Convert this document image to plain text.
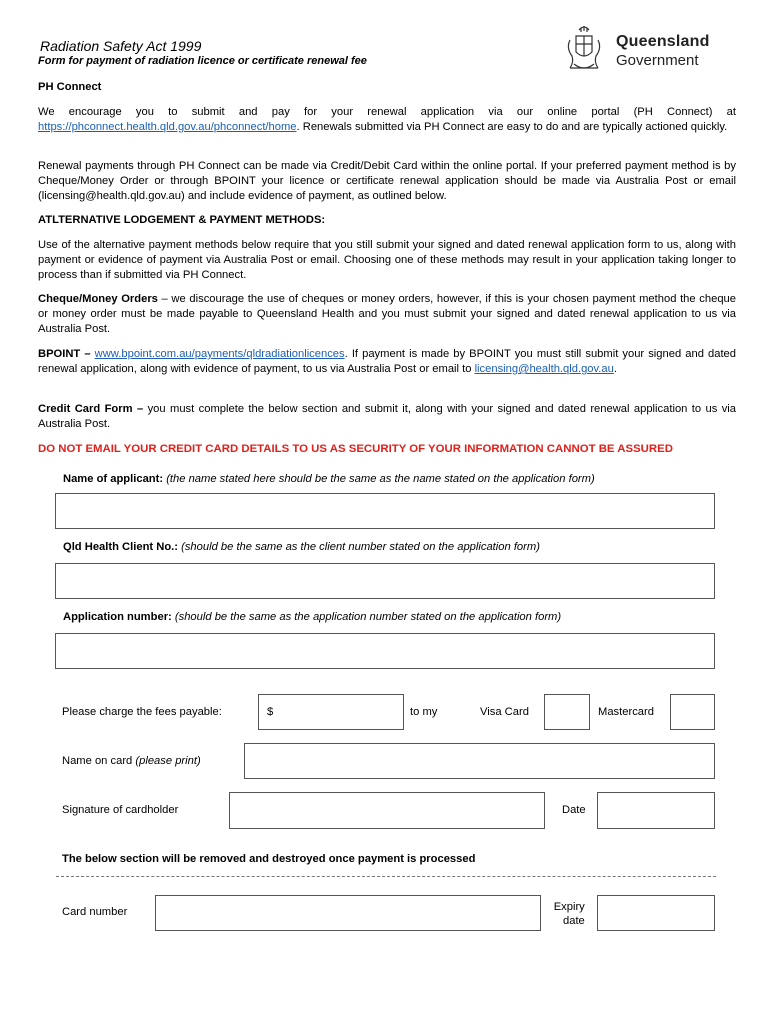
Radiation Safety Act 1999
Form for payment of radiation licence or certificate renewal fee
Queensland
Government
PH Connect
We encourage you to submit and pay for your renewal application via our online portal (PH Connect) at https://phconnect.health.qld.gov.au/phconnect/home. Renewals submitted via PH Connect are easy to do and are typically actioned quickly.
Renewal payments through PH Connect can be made via Credit/Debit Card within the online portal. If your preferred payment method is by Cheque/Money Order or through BPOINT your licence or certificate renewal application should be made via Australia Post or email (licensing@health.qld.gov.au) and include evidence of payment, as outlined below.
ATLTERNATIVE LODGEMENT & PAYMENT METHODS:
Use of the alternative payment methods below require that you still submit your signed and dated renewal application form to us, along with payment or evidence of payment via Australia Post or email. Choosing one of these methods may result in your application taking longer to process than if submitted via PH Connect.
Cheque/Money Orders – we discourage the use of cheques or money orders, however, if this is your chosen payment method the cheque or money order must be made payable to Queensland Health and you must submit your signed and dated renewal application to us via Australia Post.
BPOINT – www.bpoint.com.au/payments/qldradiationlicences. If payment is made by BPOINT you must still submit your signed and dated renewal application, along with evidence of payment, to us via Australia Post or email to licensing@health.qld.gov.au.
Credit Card Form – you must complete the below section and submit it, along with your signed and dated renewal application to us via Australia Post.
DO NOT EMAIL YOUR CREDIT CARD DETAILS TO US AS SECURITY OF YOUR INFORMATION CANNOT BE ASSURED
Name of applicant: (the name stated here should be the same as the name stated on the application form)
Qld Health Client No.: (should be the same as the client number stated on the application form)
Application number: (should be the same as the application number stated on the application form)
Please charge the fees payable:	$	to my	Visa Card	Mastercard
Name on card (please print)
Signature of cardholder	Date
The below section will be removed and destroyed once payment is processed
Card number	Expiry
date
